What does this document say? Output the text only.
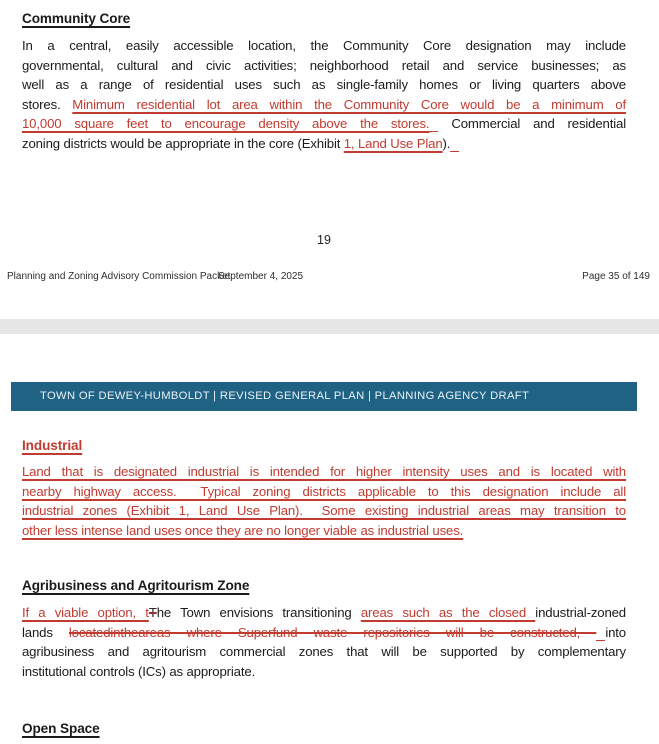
Community Core
In a central, easily accessible location, the Community Core designation may include
governmental, cultural and civic activities; neighborhood retail and service businesses; as
well as a range of residential uses such as single-family homes or living quarters above
stores. Minimum residential lot area within the Community Core would be a minimum of
10,000 square feet to encourage density above the stores. Commercial and residential
zoning districts would be appropriate in the core (Exhibit 1, Land Use Plan).
19
Planning and Zoning Advisory Commission Packet
September 4, 2025	Page 35 of 149
TOWN OF DEWEY-HUMBOLDT | REVISED GENERAL PLAN | PLANNING AGENCY DRAFT
Industrial
Land that is designated industrial is intended for higher intensity uses and is located with
nearby highway access.  Typical zoning districts applicable to this designation include all
industrial zones (Exhibit 1, Land Use Plan).  Some existing industrial areas may transition to
other less intense land uses once they are no longer viable as industrial uses.
Agribusiness and Agritourism Zone
If a viable option, tThe Town envisions transitioning areas such as the closed industrial-zoned
lands locatedintheareas where Superfund waste repositories will be constructed, into
agribusiness and agritourism commercial zones that will be supported by complementary
institutional controls (ICs) as appropriate.
Open Space
